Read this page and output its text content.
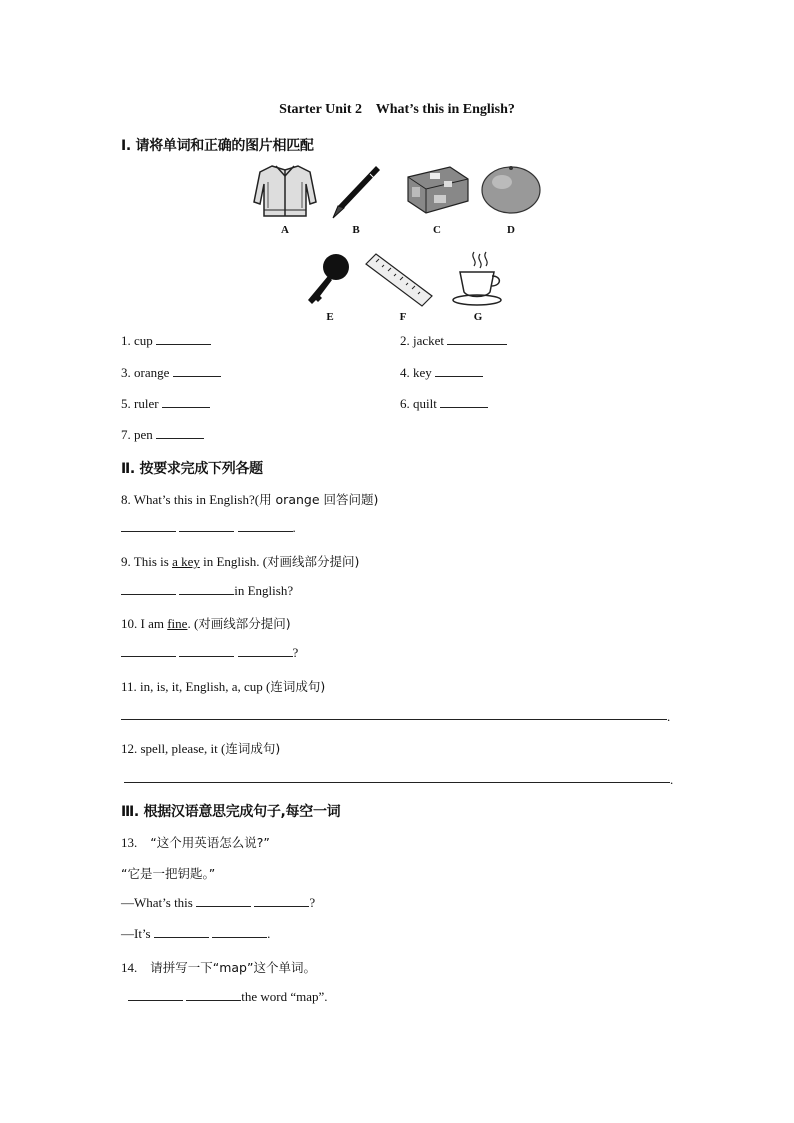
Starter Unit 2    What’s this in English?
Ⅰ. 请将单词和正确的图片相匹配
A	B	C	D
E	F	G
1. cup	2. jacket
3. orange	4. key
5. ruler	6. quilt
7. pen
Ⅱ. 按要求完成下列各题
8. What’s this in English?(用 orange 回答问题)
.
9. This is a key in English. (对画线部分提问)
in English?
10. I am fine. (对画线部分提问)
?
11. in, is, it, English, a, cup (连词成句)
.
12. spell, please, it (连词成句)
.
Ⅲ. 根据汉语意思完成句子,每空一词
13. “这个用英语怎么说?”
“它是一把钥匙。”
—What’s this	?
—It’s	.
14. 请拼写一下“map”这个单词。
the word “map”.
